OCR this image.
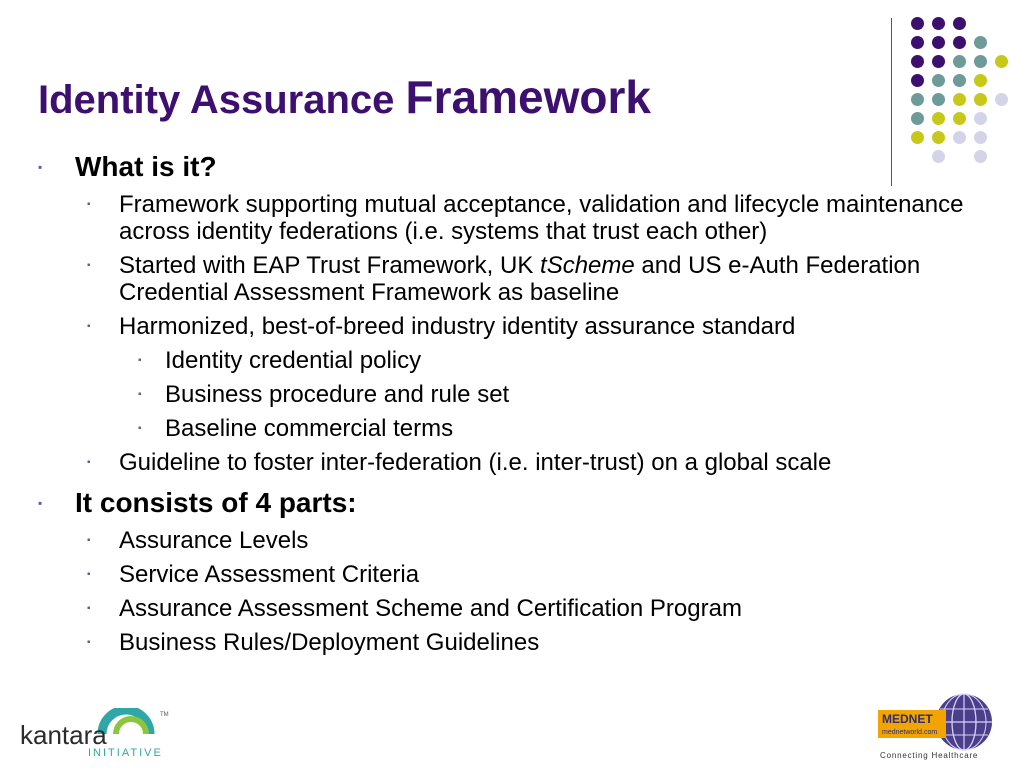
Identity Assurance Framework
▪ What is it?
▪ Framework supporting mutual acceptance, validation and lifecycle maintenance across identity federations (i.e. systems that trust each other)
▪ Started with EAP Trust Framework, UK tScheme and US e-Auth Federation Credential Assessment Framework as baseline
▪ Harmonized, best-of-breed industry identity assurance standard
▪ Identity credential policy
▪ Business procedure and rule set
▪ Baseline commercial terms
▪ Guideline to foster inter-federation (i.e. inter-trust) on a global scale
▪ It consists of 4 parts:
▪ Assurance Levels
▪ Service Assessment Criteria
▪ Assurance Assessment Scheme and Certification Program
▪ Business Rules/Deployment Guidelines
kantara
INITIATIVE
TM	MEDNET
mednetworld.com
Connecting Healthcare
